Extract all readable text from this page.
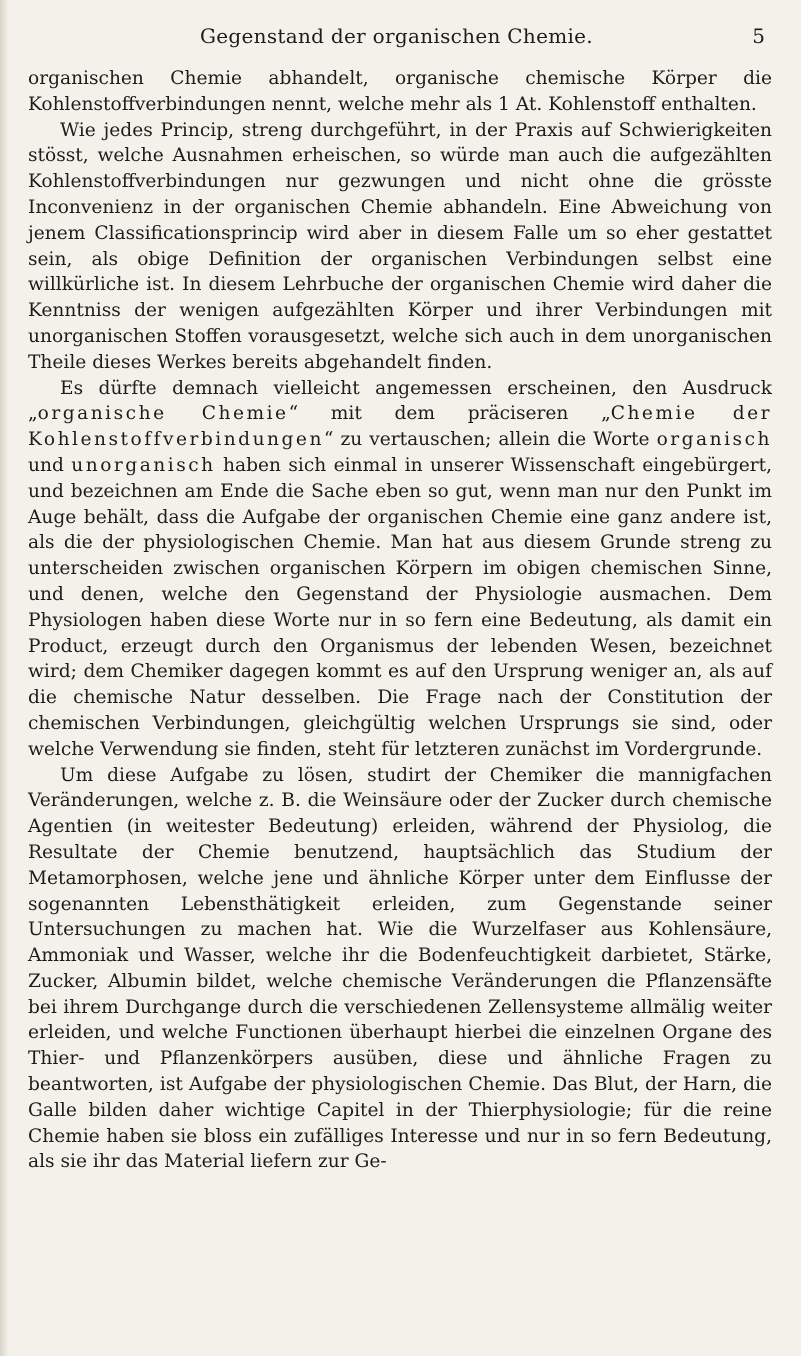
Gegenstand der organischen Chemie.	5

organischen Chemie abhandelt, organische chemische Körper die Kohlenstoffverbindungen nennt, welche mehr als 1 At. Kohlenstoff enthalten.

Wie jedes Princip, streng durchgeführt, in der Praxis auf Schwierigkeiten stösst, welche Ausnahmen erheischen, so würde man auch die aufgezählten Kohlenstoffverbindungen nur gezwungen und nicht ohne die grösste Inconvenienz in der organischen Chemie abhandeln. Eine Abweichung von jenem Classificationsprincip wird aber in diesem Falle um so eher gestattet sein, als obige Definition der organischen Verbindungen selbst eine willkürliche ist. In diesem Lehrbuche der organischen Chemie wird daher die Kenntniss der wenigen aufgezählten Körper und ihrer Verbindungen mit unorganischen Stoffen vorausgesetzt, welche sich auch in dem unorganischen Theile dieses Werkes bereits abgehandelt finden.

Es dürfte demnach vielleicht angemessen erscheinen, den Ausdruck „organische Chemie“ mit dem präciseren „Chemie der Kohlenstoffverbindungen“ zu vertauschen; allein die Worte organisch und unorganisch haben sich einmal in unserer Wissenschaft eingebürgert, und bezeichnen am Ende die Sache eben so gut, wenn man nur den Punkt im Auge behält, dass die Aufgabe der organischen Chemie eine ganz andere ist, als die der physiologischen Chemie. Man hat aus diesem Grunde streng zu unterscheiden zwischen organischen Körpern im obigen chemischen Sinne, und denen, welche den Gegenstand der Physiologie ausmachen. Dem Physiologen haben diese Worte nur in so fern eine Bedeutung, als damit ein Product, erzeugt durch den Organismus der lebenden Wesen, bezeichnet wird; dem Chemiker dagegen kommt es auf den Ursprung weniger an, als auf die chemische Natur desselben. Die Frage nach der Constitution der chemischen Verbindungen, gleichgültig welchen Ursprungs sie sind, oder welche Verwendung sie finden, steht für letzteren zunächst im Vordergrunde.

Um diese Aufgabe zu lösen, studirt der Chemiker die mannigfachen Veränderungen, welche z. B. die Weinsäure oder der Zucker durch chemische Agentien (in weitester Bedeutung) erleiden, während der Physiolog, die Resultate der Chemie benutzend, hauptsächlich das Studium der Metamorphosen, welche jene und ähnliche Körper unter dem Einflusse der sogenannten Lebensthätigkeit erleiden, zum Gegenstande seiner Untersuchungen zu machen hat. Wie die Wurzelfaser aus Kohlensäure, Ammoniak und Wasser, welche ihr die Bodenfeuchtigkeit darbietet, Stärke, Zucker, Albumin bildet, welche chemische Veränderungen die Pflanzensäfte bei ihrem Durchgange durch die verschiedenen Zellensysteme allmälig weiter erleiden, und welche Functionen überhaupt hierbei die einzelnen Organe des Thier- und Pflanzenkörpers ausüben, diese und ähnliche Fragen zu beantworten, ist Aufgabe der physiologischen Chemie. Das Blut, der Harn, die Galle bilden daher wichtige Capitel in der Thierphysiologie; für die reine Chemie haben sie bloss ein zufälliges Interesse und nur in so fern Bedeutung, als sie ihr das Material liefern zur Ge-
